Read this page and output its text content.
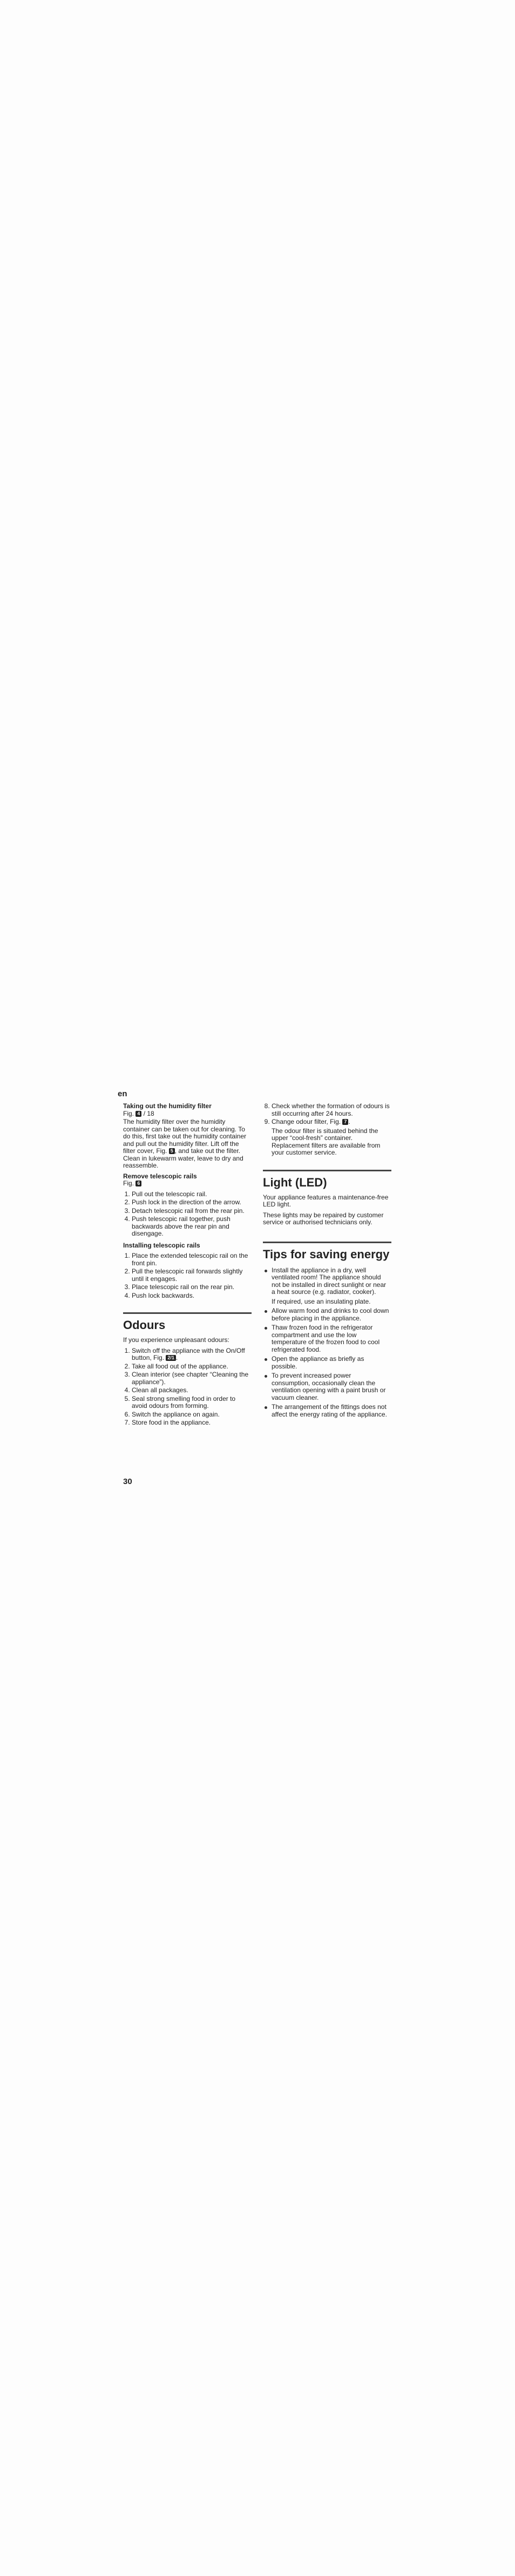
en

Taking out the humidity filter

Fig. 4 / 18

The humidity filter over the humidity container can be taken out for cleaning. To do this, first take out the humidity container and pull out the humidity filter. Lift off the filter cover, Fig. 5 , and take out the filter. Clean in lukewarm water, leave to dry and reassemble.

Remove telescopic rails

Fig. 6

1. Pull out the telescopic rail.
2. Push lock in the direction of the arrow.
3. Detach telescopic rail from the rear pin.
4. Push telescopic rail together, push backwards above the rear pin and disengage.

Installing telescopic rails

1. Place the extended telescopic rail on the front pin.
2. Pull the telescopic rail forwards slightly until it engages.
3. Place telescopic rail on the rear pin.
4. Push lock backwards.
Odours

If you experience unpleasant odours:

1. Switch off the appliance with the On/Off button, Fig. 2/1 .
2. Take all food out of the appliance.
3. Clean interior (see chapter “Cleaning the appliance”).
4. Clean all packages.
5. Seal strong smelling food in order to avoid odours from forming.
6. Switch the appliance on again.
7. Store food in the appliance.
8. Check whether the formation of odours is still occurring after 24 hours.
9. Change odour filter, Fig. 7 .

The odour filter is situated behind the upper “cool-fresh” container. Replacement filters are available from your customer service.

Light (LED)

Your appliance features a maintenance-free LED light.

These lights may be repaired by customer service or authorised technicians only.

Tips for saving energy
Install the appliance in a dry, well ventilated room! The appliance should not be installed in direct sunlight or near a heat source (e.g. radiator, cooker).

If required, use an insulating plate.

Allow warm food and drinks to cool down before placing in the appliance.
Thaw frozen food in the refrigerator compartment and use the low temperature of the frozen food to cool refrigerated food.
Open the appliance as briefly as possible.
To prevent increased power consumption, occasionally clean the ventilation opening with a paint brush or vacuum cleaner.
The arrangement of the fittings does not affect the energy rating of the appliance.
30
